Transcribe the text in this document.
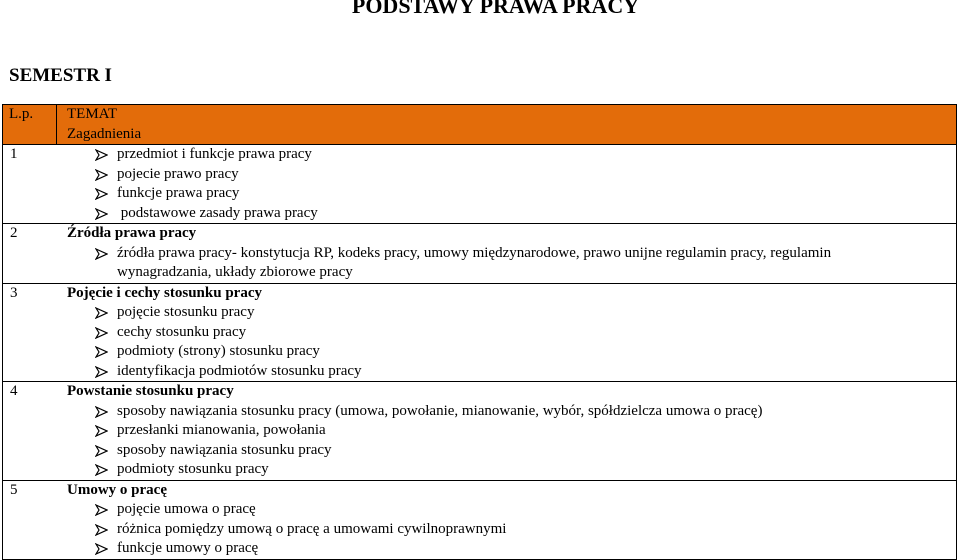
PODSTAWY PRAWA PRACY
SEMESTR I
L.p.	TEMAT
Zagadnienia

1	przedmiot i funkcje prawa pracy
pojecie prawo pracy
funkcje prawa pracy
podstawowe zasady prawa pracy
2	Źródła prawa pracy
źródła prawa pracy- konstytucja RP, kodeks pracy, umowy międzynarodowe, prawo unijne regulamin pracy, regulamin wynagradzania, układy zbiorowe pracy
3	Pojęcie i cechy stosunku pracy
pojęcie stosunku pracy
cechy stosunku pracy
podmioty (strony) stosunku pracy
identyfikacja podmiotów stosunku pracy
4	Powstanie stosunku pracy
sposoby nawiązania stosunku pracy (umowa, powołanie, mianowanie, wybór, spółdzielcza umowa o pracę)
przesłanki mianowania, powołania
sposoby nawiązania stosunku pracy
podmioty stosunku pracy
5	Umowy o pracę
pojęcie umowa o pracę
różnica pomiędzy umową o pracę a umowami cywilnoprawnymi
funkcje umowy o pracę
